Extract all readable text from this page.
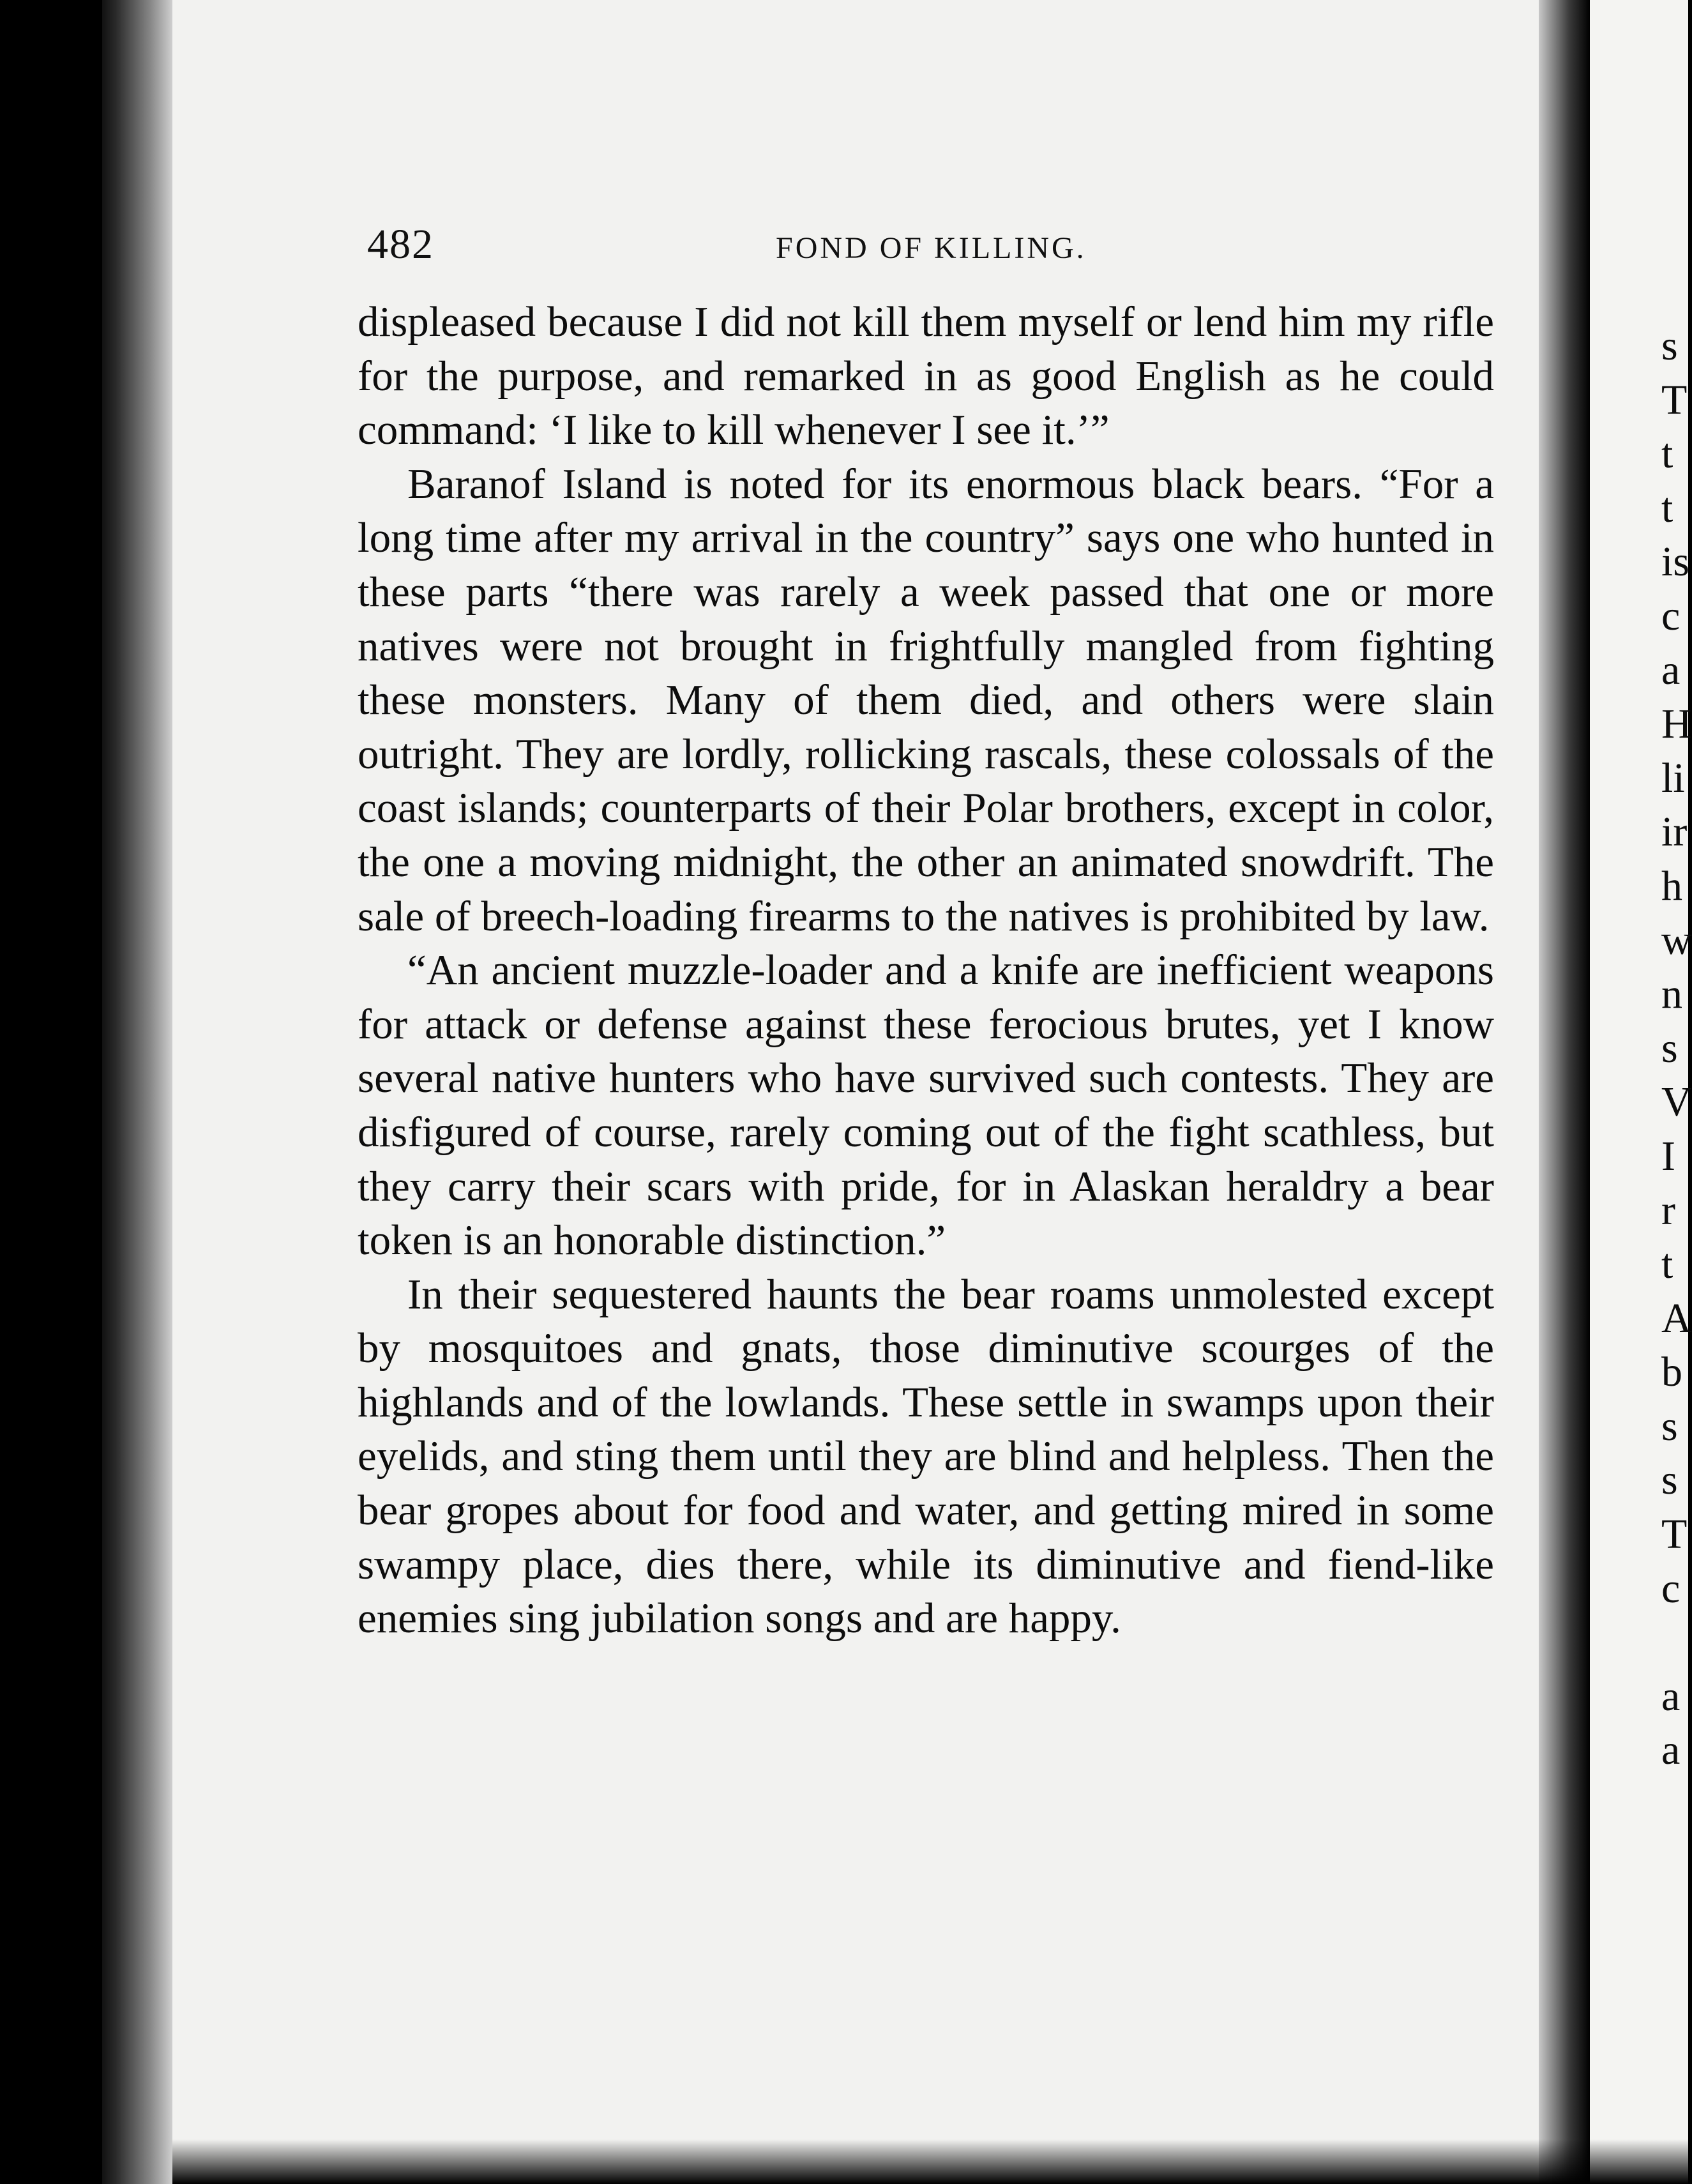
482	FOND OF KILLING.

displeased because I did not kill them myself or lend him my rifle for the purpose, and remarked in as good English as he could command: ‘I like to kill whenever I see it.’”

Baranof Island is noted for its enormous black bears. “For a long time after my arrival in the country” says one who hunted in these parts “there was rarely a week passed that one or more natives were not brought in frightfully mangled from fighting these monsters. Many of them died, and others were slain outright. They are lordly, rollicking rascals, these colossals of the coast islands; counterparts of their Polar brothers, except in color, the one a moving midnight, the other an animated snowdrift. The sale of breech-loading firearms to the natives is prohibited by law.

“An ancient muzzle-loader and a knife are inefficient weapons for attack or defense against these ferocious brutes, yet I know several native hunters who have survived such contests. They are disfigured of course, rarely coming out of the fight scathless, but they carry their scars with pride, for in Alaskan heraldry a bear token is an honorable distinction.”

In their sequestered haunts the bear roams unmolested except by mosquitoes and gnats, those diminutive scourges of the highlands and of the lowlands. These settle in swamps upon their eyelids, and sting them until they are blind and helpless. Then the bear gropes about for food and water, and getting mired in some swampy place, dies there, while its diminutive and fiend-like enemies sing jubilation songs and are happy.

s
T
t
t
is
c
a
H
li
ir
h
w
n
s
V
I
r
t
A
b
s
s
T
c

a
a
